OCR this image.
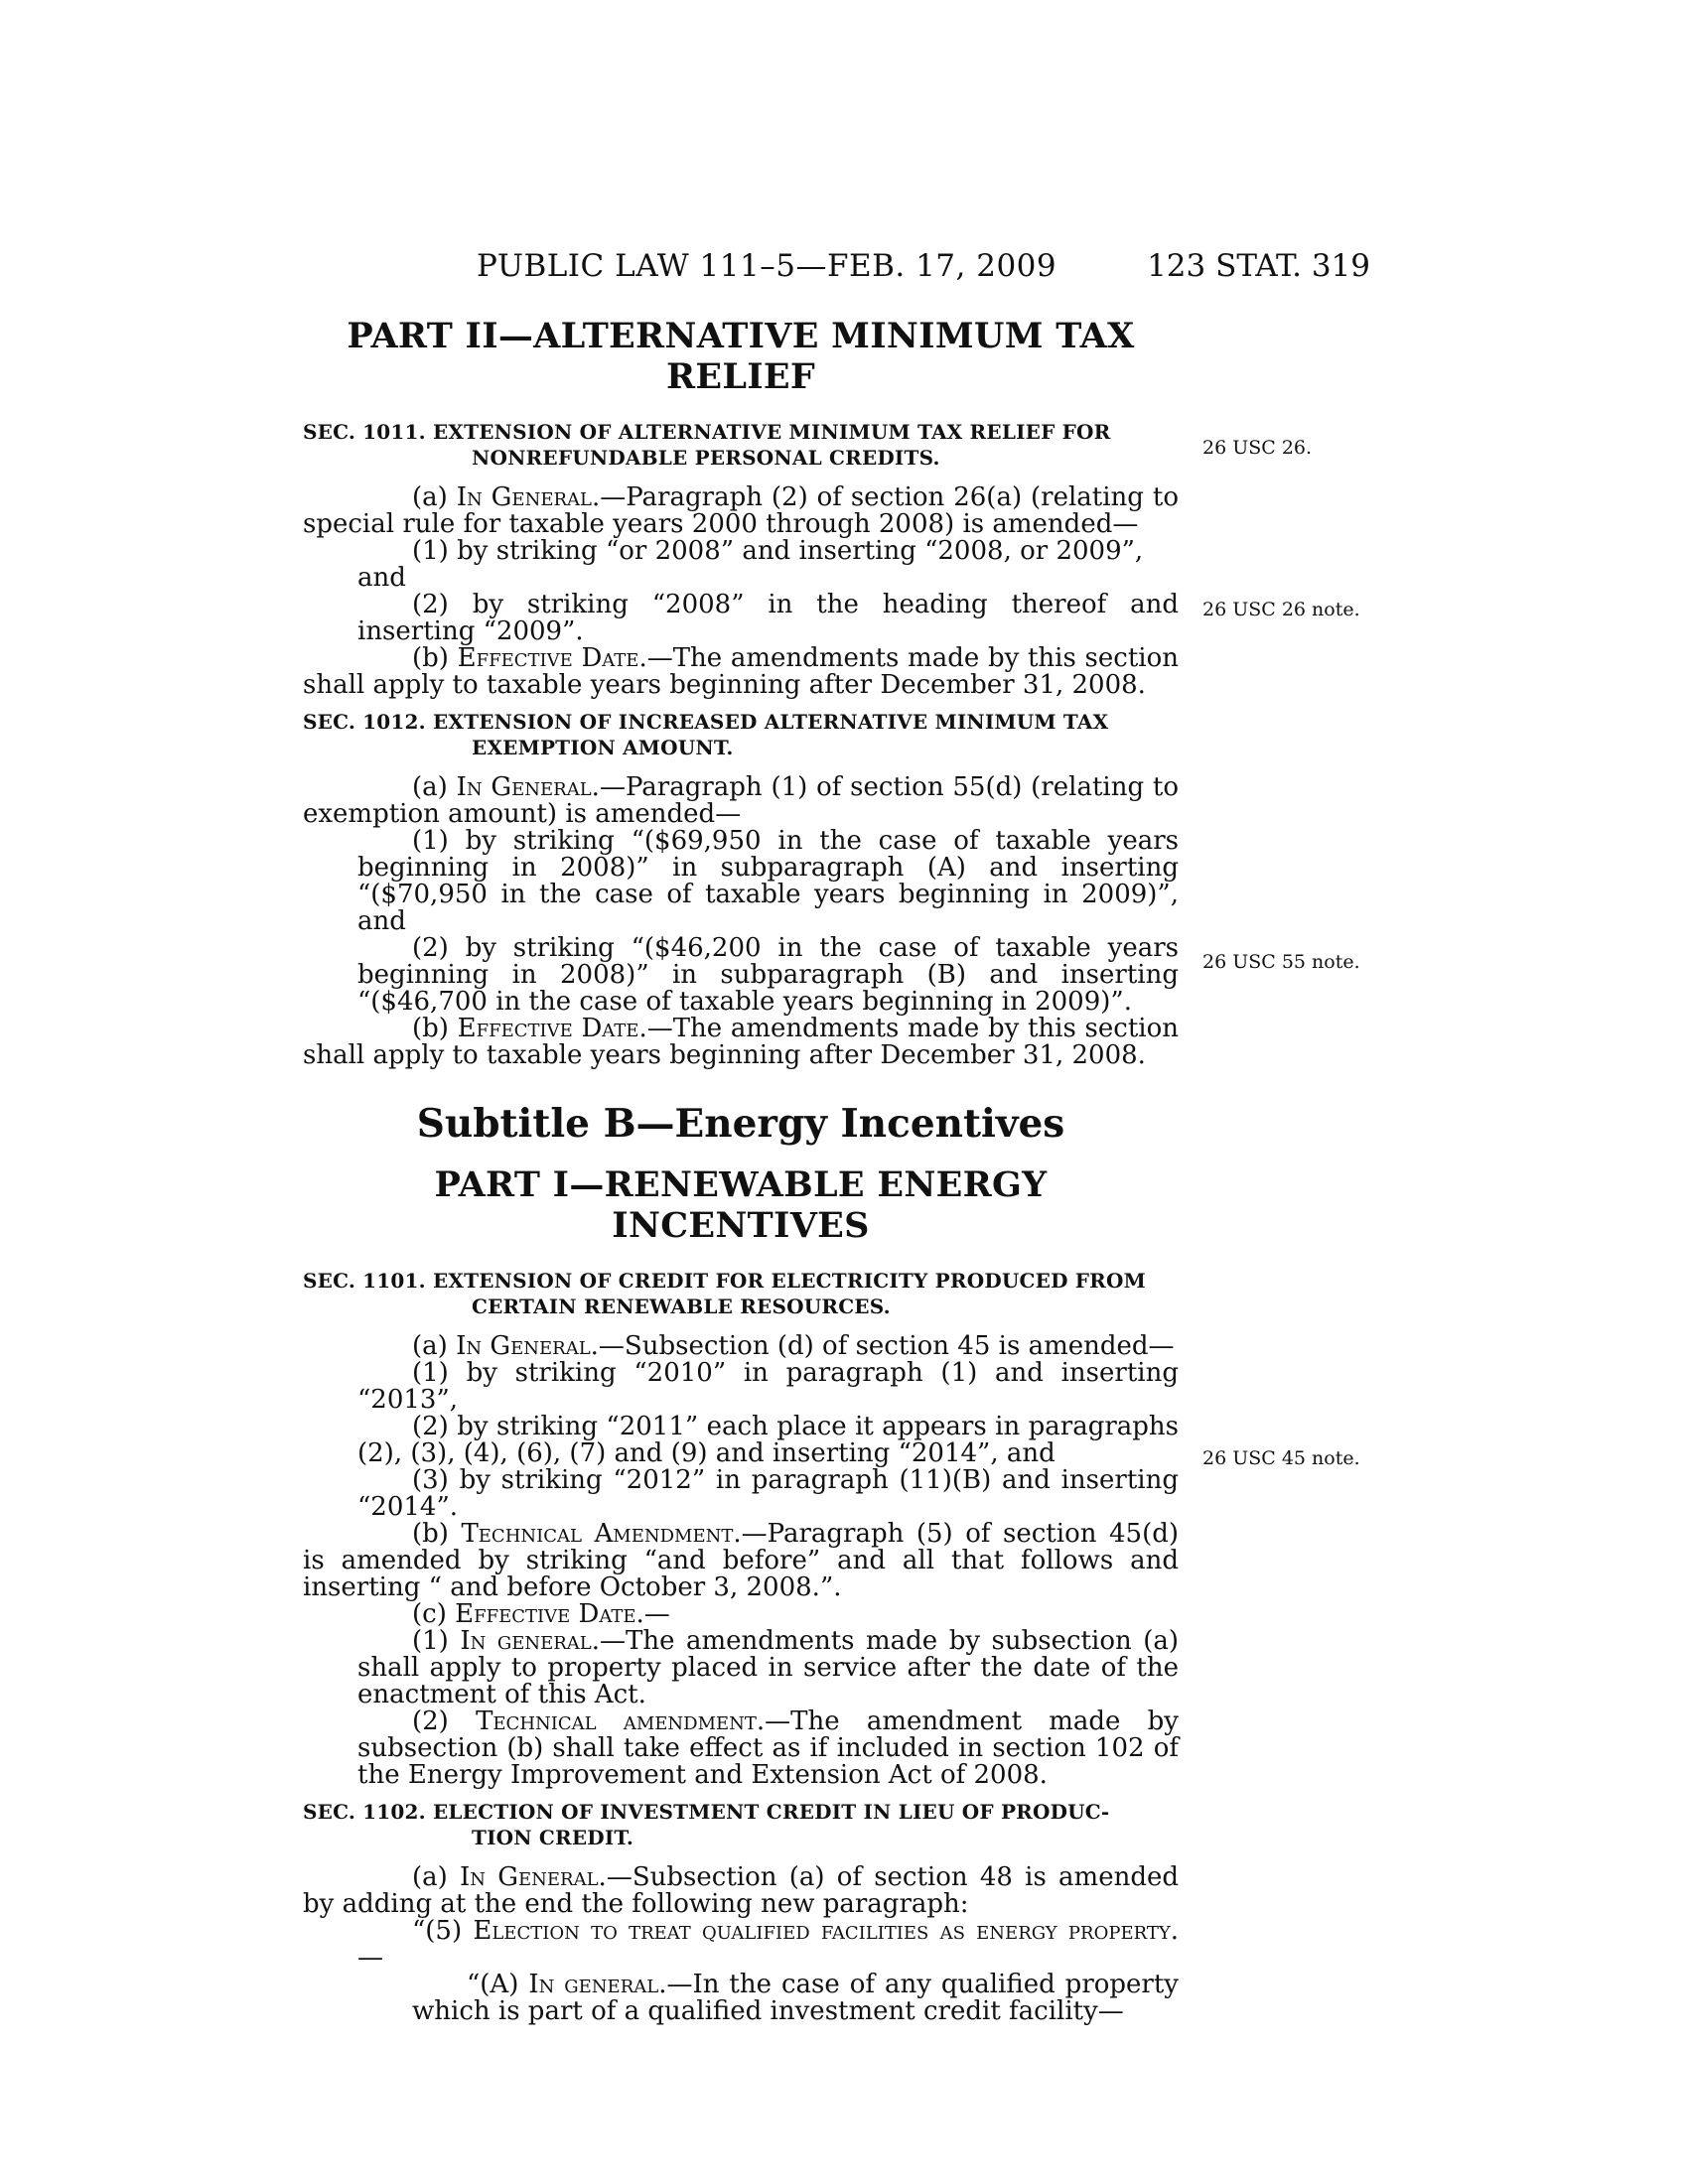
PUBLIC LAW 111–5—FEB. 17, 2009	123 STAT. 319
PART II—ALTERNATIVE MINIMUM TAX RELIEF
SEC. 1011. EXTENSION OF ALTERNATIVE MINIMUM TAX RELIEF FOR
NONREFUNDABLE PERSONAL CREDITS.

(a) In General.—Paragraph (2) of section 26(a) (relating to special rule for taxable years 2000 through 2008) is amended—

(1) by striking “or 2008” and inserting “2008, or 2009”,

and

(2) by striking “2008” in the heading thereof and inserting “2009”.

(b) Effective Date.—The amendments made by this section shall apply to taxable years beginning after December 31, 2008.

SEC. 1012. EXTENSION OF INCREASED ALTERNATIVE MINIMUM TAX
EXEMPTION AMOUNT.

(a) In General.—Paragraph (1) of section 55(d) (relating to exemption amount) is amended—

(1) by striking “($69,950 in the case of taxable years beginning in 2008)” in subparagraph (A) and inserting “($70,950 in the case of taxable years beginning in 2009)”, and

(2) by striking “($46,200 in the case of taxable years beginning in 2008)” in subparagraph (B) and inserting “($46,700 in the case of taxable years beginning in 2009)”.

(b) Effective Date.—The amendments made by this section shall apply to taxable years beginning after December 31, 2008.

Subtitle B—Energy Incentives
PART I—RENEWABLE ENERGY INCENTIVES
SEC. 1101. EXTENSION OF CREDIT FOR ELECTRICITY PRODUCED FROM
CERTAIN RENEWABLE RESOURCES.

(a) In General.—Subsection (d) of section 45 is amended—

(1) by striking “2010” in paragraph (1) and inserting “2013”,

(2) by striking “2011” each place it appears in paragraphs (2), (3), (4), (6), (7) and (9) and inserting “2014”, and

(3) by striking “2012” in paragraph (11)(B) and inserting “2014”.

(b) Technical Amendment.—Paragraph (5) of section 45(d) is amended by striking “and before” and all that follows and inserting “ and before October 3, 2008.”.

(c) Effective Date.—

(1) In general.—The amendments made by subsection (a) shall apply to property placed in service after the date of the enactment of this Act.

(2) Technical amendment.—The amendment made by subsection (b) shall take effect as if included in section 102 of the Energy Improvement and Extension Act of 2008.

SEC. 1102. ELECTION OF INVESTMENT CREDIT IN LIEU OF PRODUC-
TION CREDIT.

(a) In General.—Subsection (a) of section 48 is amended by adding at the end the following new paragraph:

“(5) Election to treat qualified facilities as energy property.—

“(A) In general.—In the case of any qualified property which is part of a qualified investment credit facility—

26 USC 26.
26 USC 26 note.
26 USC 55 note.
26 USC 45 note.
